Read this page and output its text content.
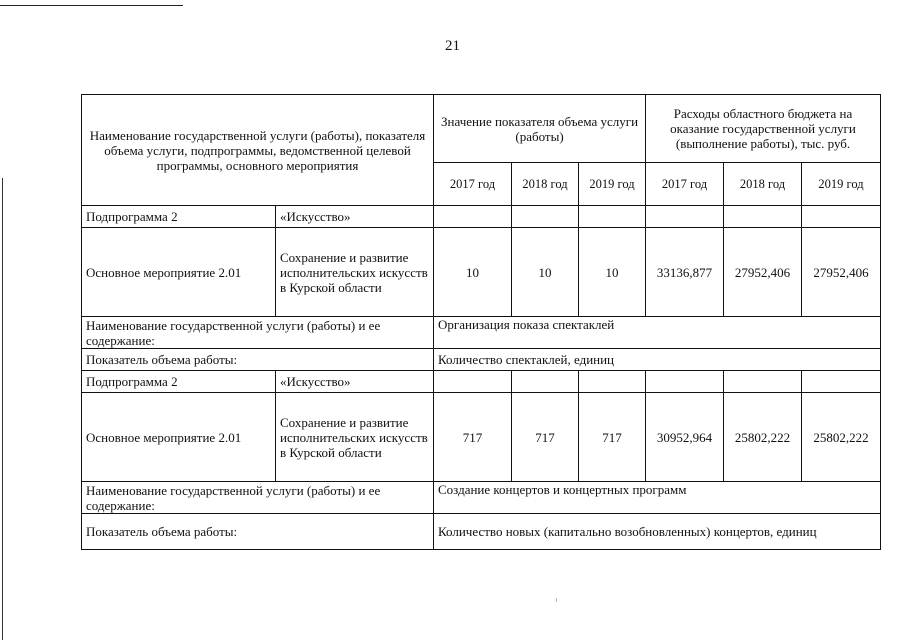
21
Наименование государственной услуги (работы), показателя объема услуги, подпрограммы, ведомственной целевой программы, основного мероприятия		Значение показателя объема услуги (работы)			Расходы областного бюджета на оказание государственной услуги (выполнение работы), тыс. руб.		
		2017 год	2018 год	2019 год	2017 год	2018 год	2019 год
Подпрограмма 2	«Искусство»						
Основное мероприятие 2.01	Сохранение и развитие исполнительских искусств в Курской области	10	10	10	33136,877	27952,406	27952,406
Наименование государственной услуги (работы) и ее содержание:		Организация показа спектаклей					
Показатель объема работы:		Количество спектаклей, единиц					
Подпрограмма 2	«Искусство»						
Основное мероприятие 2.01	Сохранение и развитие исполнительских искусств в Курской области	717	717	717	30952,964	25802,222	25802,222
Наименование государственной услуги (работы) и ее содержание:		Создание концертов и концертных программ					
Показатель объема работы:		Количество новых (капитально возобновленных) концертов, единиц					
